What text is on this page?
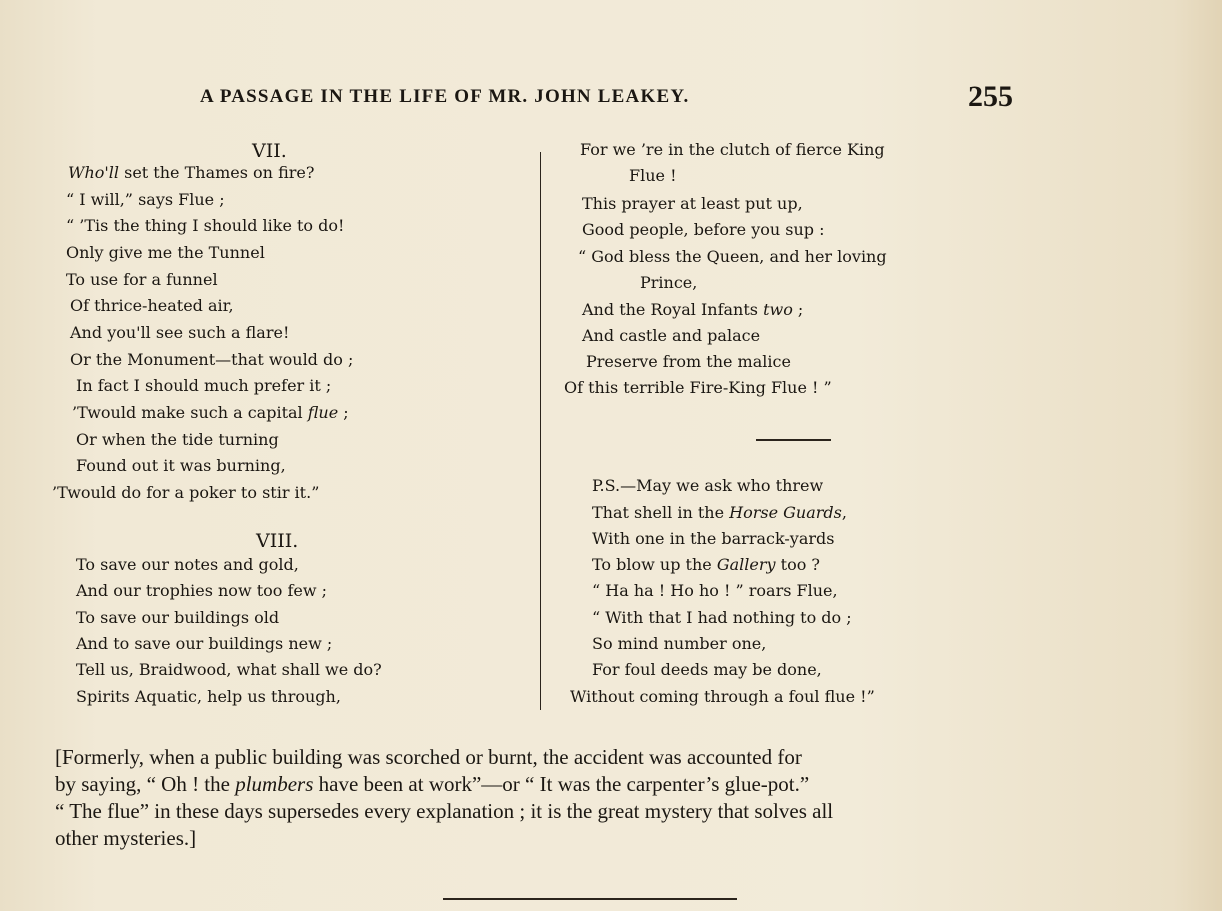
A PASSAGE IN THE LIFE OF MR. JOHN LEAKEY.	255
[Formerly, when a public building was scorched or burnt, the accident was accounted for
by saying, “ Oh ! the plumbers have been at work”—or “ It was the carpenter’s glue-pot.”
“ The flue” in these days supersedes every explanation ; it is the great mystery that solves all
other mysteries.]
VII.
Who'll set the Thames on fire?
“ I will,” says Flue ;
“ ’Tis the thing I should like to do!
Only give me the Tunnel
To use for a funnel
Of thrice-heated air,
And you'll see such a flare!
Or the Monument—that would do ;
In fact I should much prefer it ;
’Twould make such a capital flue ;
Or when the tide turning
Found out it was burning,
’Twould do for a poker to stir it.”
VIII.
To save our notes and gold,
And our trophies now too few ;
To save our buildings old
And to save our buildings new ;
Tell us, Braidwood, what shall we do?
Spirits Aquatic, help us through,
For we ’re in the clutch of fierce King
Flue !
This prayer at least put up,
Good people, before you sup :
“ God bless the Queen, and her loving
Prince,
And the Royal Infants two ;
And castle and palace
Preserve from the malice
Of this terrible Fire-King Flue ! ”
P.S.—May we ask who threw
That shell in the Horse Guards,
With one in the barrack-yards
To blow up the Gallery too ?
“ Ha ha ! Ho ho ! ” roars Flue,
“ With that I had nothing to do ;
So mind number one,
For foul deeds may be done,
Without coming through a foul flue !”
